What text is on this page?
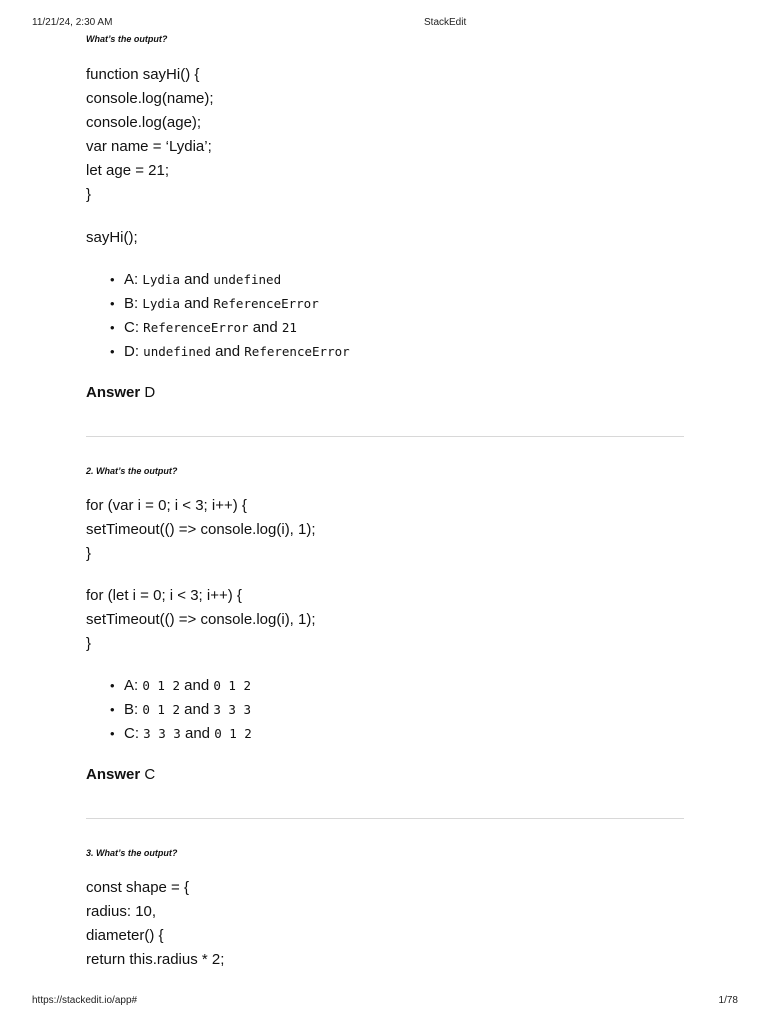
11/21/24, 2:30 AM	StackEdit
What’s the output?
function sayHi() {
console.log(name);
console.log(age);
var name = ‘Lydia’;
let age = 21;
}
sayHi();
• A: Lydia and undefined
• B: Lydia and ReferenceError
• C: ReferenceError and 21
• D: undefined and ReferenceError

Answer D

2. What’s the output?
for (var i = 0; i < 3; i++) {
setTimeout(() => console.log(i), 1);
}
for (let i = 0; i < 3; i++) {
setTimeout(() => console.log(i), 1);
}
• A: 0 1 2 and 0 1 2
• B: 0 1 2 and 3 3 3
• C: 3 3 3 and 0 1 2

Answer C

3. What’s the output?
const shape = {
radius: 10,
diameter() {
return this.radius * 2;
https://stackedit.io/app#	1/78
